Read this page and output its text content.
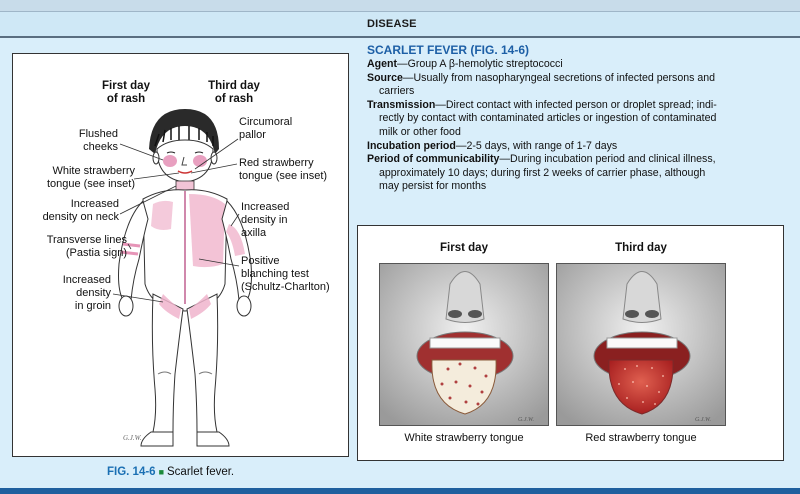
DISEASE
First day
of rash
Third day
of rash
G.J.W.
Flushed
cheeks
White strawberry
tongue (see inset)
Increased
density on neck
Transverse lines
(Pastia sign)
Increased
density
in groin
Circumoral
pallor
Red strawberry
tongue (see inset)
Increased
density in
axilla
Positive
blanching test
(Schultz-Charlton)
FIG. 14-6 ■ Scarlet fever.
SCARLET FEVER (FIG. 14-6)

Agent—Group A β-hemolytic streptococci

Source—Usually from nasopharyngeal secretions of infected persons and
carriers

Transmission—Direct contact with infected person or droplet spread; indi-
rectly by contact with contaminated articles or ingestion of contaminated
milk or other food

Incubation period—2-5 days, with range of 1-7 days

Period of communicability—During incubation period and clinical illness,
approximately 10 days; during first 2 weeks of carrier phase, although
may persist for months

First day	Third day
G.J.W.	G.J.W.
White strawberry tongue	Red strawberry tongue
